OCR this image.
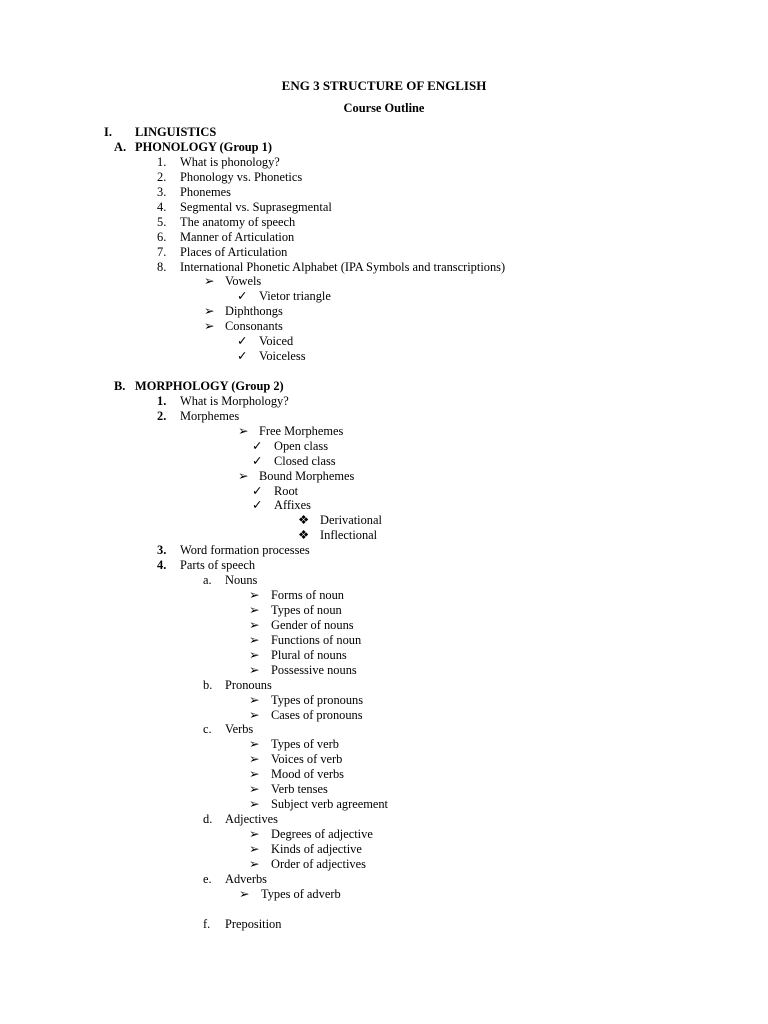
ENG 3 STRUCTURE OF ENGLISH
Course Outline
I. LINGUISTICS
A. PHONOLOGY (Group 1)
1. What is phonology?
2. Phonology vs. Phonetics
3. Phonemes
4. Segmental vs. Suprasegmental
5. The anatomy of speech
6. Manner of Articulation
7. Places of Articulation
8. International Phonetic Alphabet (IPA Symbols and transcriptions)
➢ Vowels
✓ Vietor triangle
➢ Diphthongs
➢ Consonants
✓ Voiced
✓ Voiceless
B. MORPHOLOGY (Group 2)
1. What is Morphology?
2. Morphemes
➢ Free Morphemes
✓ Open class
✓ Closed class
➢ Bound Morphemes
✓ Root
✓ Affixes
❖ Derivational
❖ Inflectional
3. Word formation processes
4. Parts of speech
a. Nouns
➢ Forms of noun
➢ Types of noun
➢ Gender of nouns
➢ Functions of noun
➢ Plural of nouns
➢ Possessive nouns
b. Pronouns
➢ Types of pronouns
➢ Cases of pronouns
c. Verbs
➢ Types of verb
➢ Voices of verb
➢ Mood of verbs
➢ Verb tenses
➢ Subject verb agreement
d. Adjectives
➢ Degrees of adjective
➢ Kinds of adjective
➢ Order of adjectives
e. Adverbs
➢ Types of adverb
f. Preposition
